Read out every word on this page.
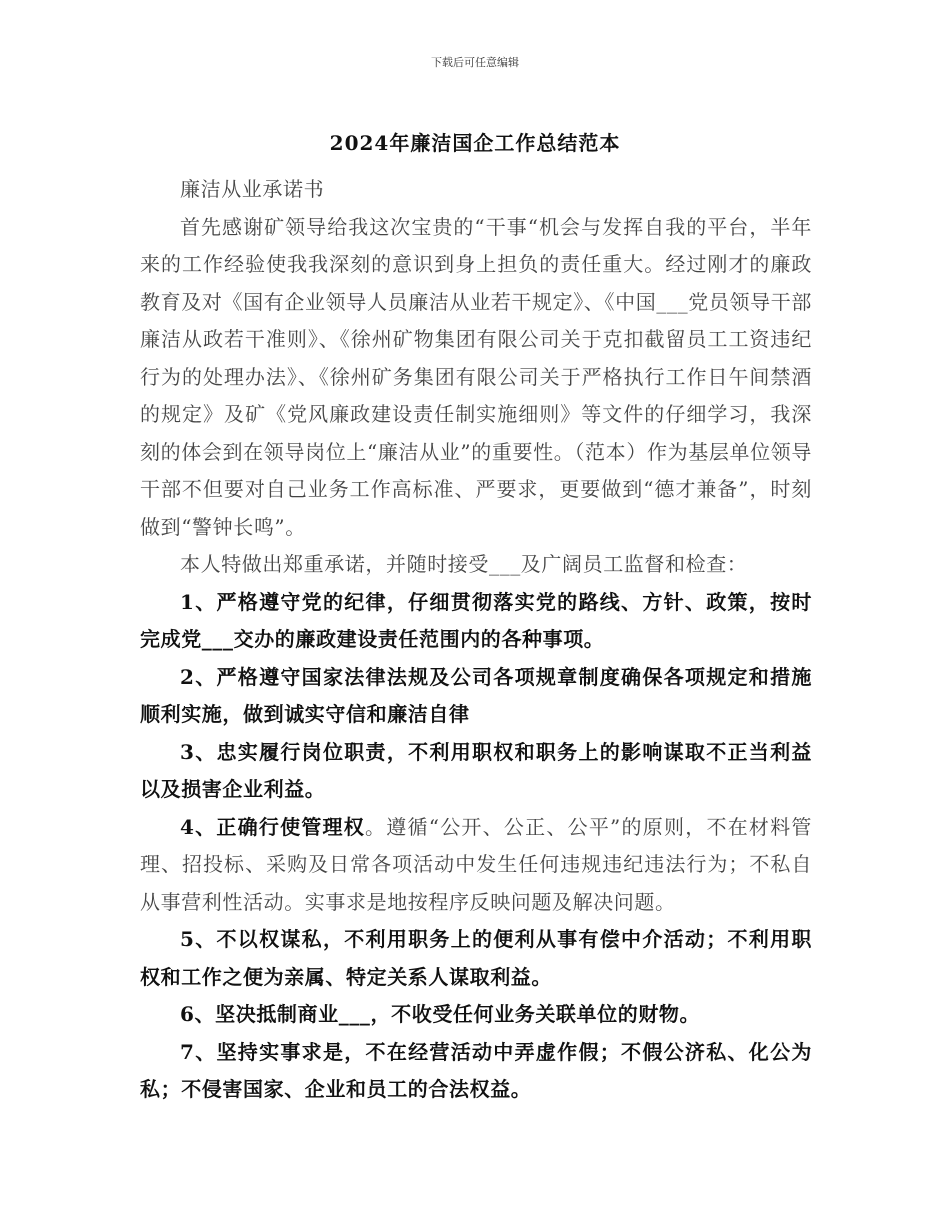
下载后可任意编辑
2024年廉洁国企工作总结范本

廉洁从业承诺书

首先感谢矿领导给我这次宝贵的“干事“机会与发挥自我的平台，半年来的工作经验使我我深刻的意识到身上担负的责任重大。经过刚才的廉政教育及对《国有企业领导人员廉洁从业若干规定》、《中国___党员领导干部廉洁从政若干准则》、《徐州矿物集团有限公司关于克扣截留员工工资违纪行为的处理办法》、《徐州矿务集团有限公司关于严格执行工作日午间禁酒的规定》及矿《党风廉政建设责任制实施细则》等文件的仔细学习，我深刻的体会到在领导岗位上“廉洁从业”的重要性。（范本）作为基层单位领导干部不但要对自己业务工作高标准、严要求，更要做到“德才兼备”，时刻做到“警钟长鸣”。

本人特做出郑重承诺，并随时接受___及广阔员工监督和检查：

1、严格遵守党的纪律，仔细贯彻落实党的路线、方针、政策，按时完成党___交办的廉政建设责任范围内的各种事项。

2、严格遵守国家法律法规及公司各项规章制度确保各项规定和措施顺利实施，做到诚实守信和廉洁自律

3、忠实履行岗位职责，不利用职权和职务上的影响谋取不正当利益以及损害企业利益。

4、正确行使管理权。遵循“公开、公正、公平”的原则，不在材料管理、招投标、采购及日常各项活动中发生任何违规违纪违法行为；不私自从事营利性活动。实事求是地按程序反映问题及解决问题。

5、不以权谋私，不利用职务上的便利从事有偿中介活动；不利用职权和工作之便为亲属、特定关系人谋取利益。

6、坚决抵制商业___，不收受任何业务关联单位的财物。

7、坚持实事求是，不在经营活动中弄虚作假；不假公济私、化公为私；不侵害国家、企业和员工的合法权益。
